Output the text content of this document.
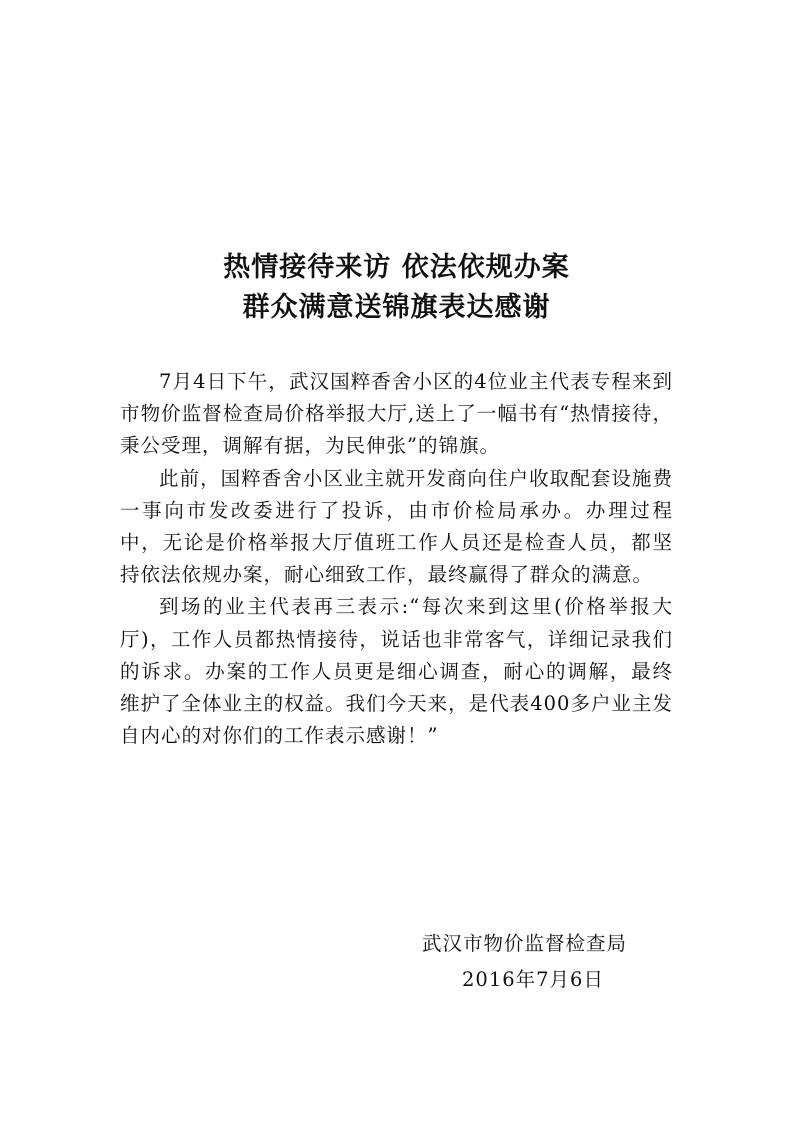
热情接待来访 依法依规办案
群众满意送锦旗表达感谢

7月4日下午，武汉国粹香舍小区的4位业主代表专程来到市物价监督检查局价格举报大厅,送上了一幅书有“热情接待，秉公受理，调解有据，为民伸张”的锦旗。

此前，国粹香舍小区业主就开发商向住户收取配套设施费一事向市发改委进行了投诉，由市价检局承办。办理过程中，无论是价格举报大厅值班工作人员还是检查人员，都坚持依法依规办案，耐心细致工作，最终赢得了群众的满意。

到场的业主代表再三表示:“每次来到这里(价格举报大厅)，工作人员都热情接待，说话也非常客气，详细记录我们的诉求。办案的工作人员更是细心调查，耐心的调解，最终维护了全体业主的权益。我们今天来，是代表400多户业主发自内心的对你们的工作表示感谢！”

武汉市物价监督检查局
2016年7月6日
